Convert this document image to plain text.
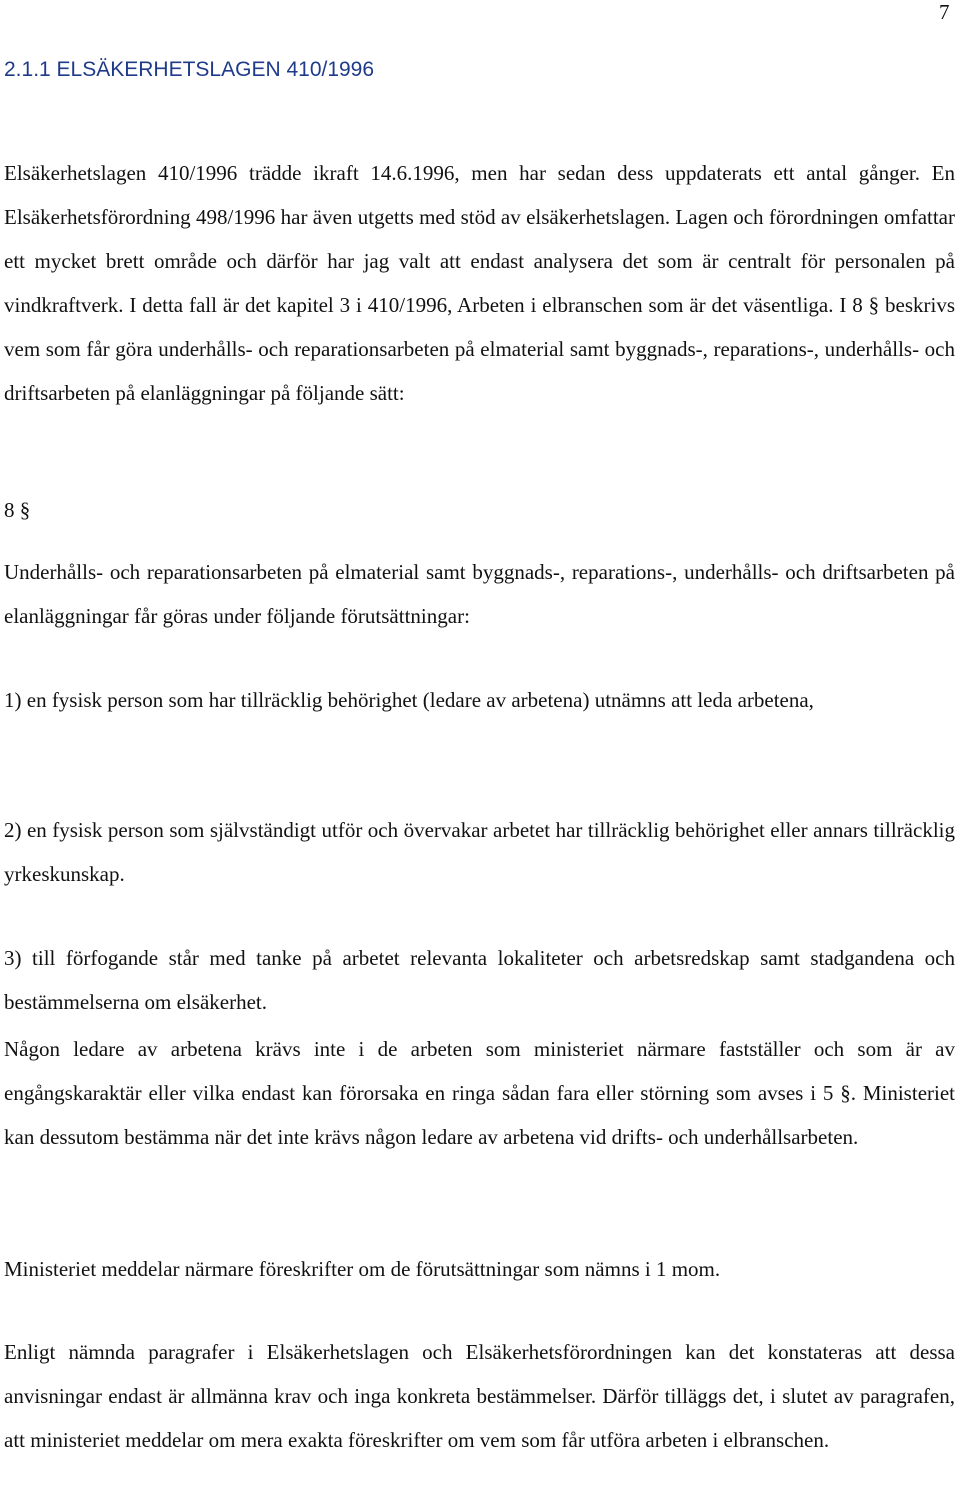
7
2.1.1 ELSÄKERHETSLAGEN 410/1996

Elsäkerhetslagen 410/1996 trädde ikraft 14.6.1996, men har sedan dess uppdaterats ett antal gånger. En Elsäkerhetsförordning 498/1996 har även utgetts med stöd av elsäkerhetslagen. Lagen och förordningen omfattar ett mycket brett område och därför har jag valt att endast analysera det som är centralt för personalen på vindkraftverk. I detta fall är det kapitel 3 i 410/1996, Arbeten i elbranschen som är det väsentliga. I 8 § beskrivs vem som får göra underhålls- och reparationsarbeten på elmaterial samt byggnads-, reparations-, underhålls- och driftsarbeten på elanläggningar på följande sätt:

8 §

Underhålls- och reparationsarbeten på elmaterial samt byggnads-, reparations-, underhålls- och driftsarbeten på elanläggningar får göras under följande förutsättningar:

1) en fysisk person som har tillräcklig behörighet (ledare av arbetena) utnämns att leda arbetena,

2) en fysisk person som självständigt utför och övervakar arbetet har tillräcklig behörighet eller annars tillräcklig yrkeskunskap.

3) till förfogande står med tanke på arbetet relevanta lokaliteter och arbetsredskap samt stadgandena och bestämmelserna om elsäkerhet.

Någon ledare av arbetena krävs inte i de arbeten som ministeriet närmare fastställer och som är av engångskaraktär eller vilka endast kan förorsaka en ringa sådan fara eller störning som avses i 5 §. Ministeriet kan dessutom bestämma när det inte krävs någon ledare av arbetena vid drifts- och underhållsarbeten.

Ministeriet meddelar närmare föreskrifter om de förutsättningar som nämns i 1 mom.

Enligt nämnda paragrafer i Elsäkerhetslagen och Elsäkerhetsförordningen kan det konstateras att dessa anvisningar endast är allmänna krav och inga konkreta bestämmelser. Därför tilläggs det, i slutet av paragrafen, att ministeriet meddelar om mera exakta föreskrifter om vem som får utföra arbeten i elbranschen.
